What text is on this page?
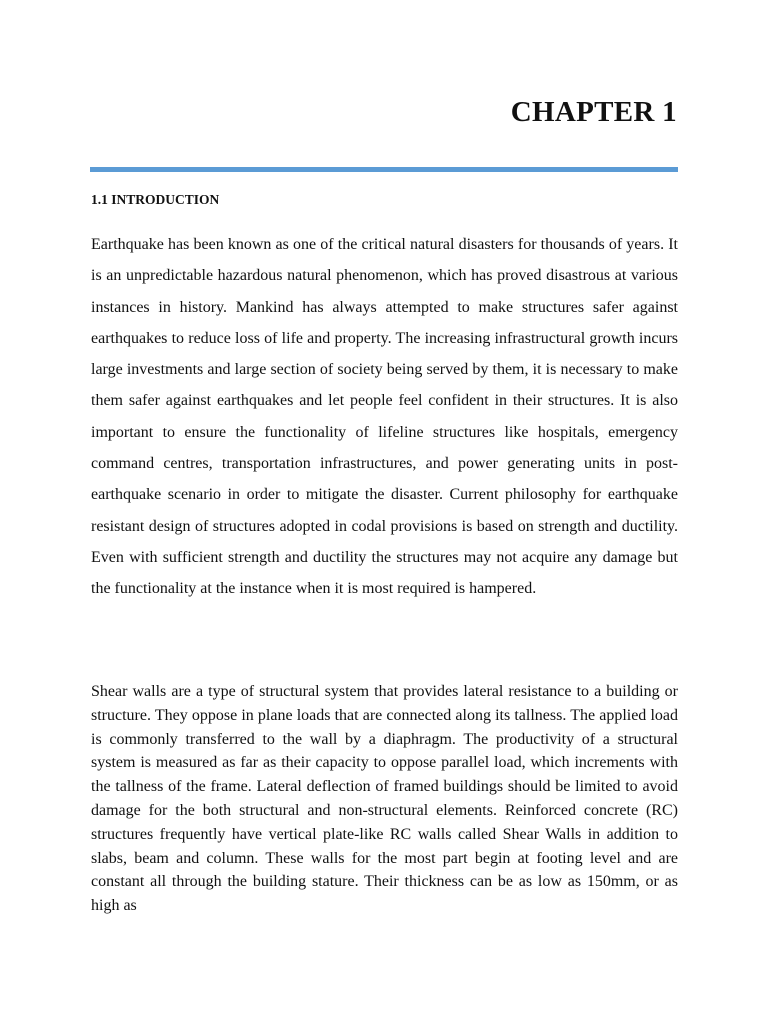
CHAPTER 1
1.1 INTRODUCTION

Earthquake has been known as one of the critical natural disasters for thousands of years. It is an unpredictable hazardous natural phenomenon, which has proved disastrous at various instances in history. Mankind has always attempted to make structures safer against earthquakes to reduce loss of life and property. The increasing infrastructural growth incurs large investments and large section of society being served by them, it is necessary to make them safer against earthquakes and let people feel confident in their structures. It is also important to ensure the functionality of lifeline structures like hospitals, emergency command centres, transportation infrastructures, and power generating units in post-earthquake scenario in order to mitigate the disaster. Current philosophy for earthquake resistant design of structures adopted in codal provisions is based on strength and ductility. Even with sufficient strength and ductility the structures may not acquire any damage but the functionality at the instance when it is most required is hampered.

Shear walls are a type of structural system that provides lateral resistance to a building or structure. They oppose in plane loads that are connected along its tallness. The applied load is commonly transferred to the wall by a diaphragm. The productivity of a structural system is measured as far as their capacity to oppose parallel load, which increments with the tallness of the frame. Lateral deflection of framed buildings should be limited to avoid damage for the both structural and non-structural elements. Reinforced concrete (RC) structures frequently have vertical plate-like RC walls called Shear Walls in addition to slabs, beam and column. These walls for the most part begin at footing level and are constant all through the building stature. Their thickness can be as low as 150mm, or as high as
